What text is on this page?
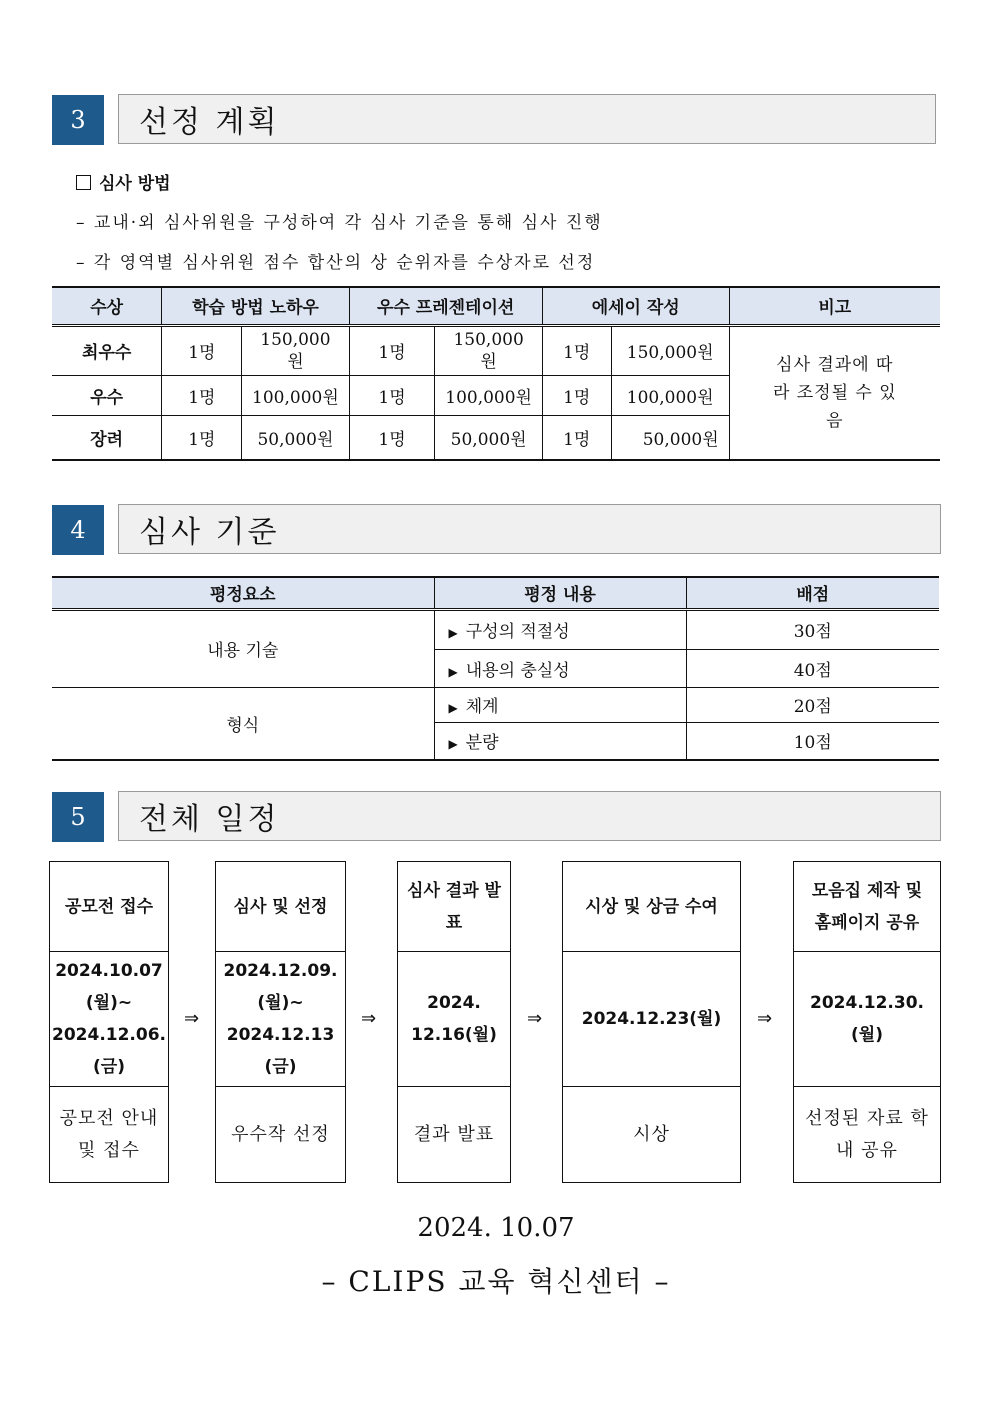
3	선정 계획
심사 방법
– 교내·외 심사위원을 구성하여 각 심사 기준을 통해 심사 진행
– 각 영역별 심사위원 점수 합산의 상 순위자를 수상자로 선정
수상	학습 방법 노하우		우수 프레젠테이션		에세이 작성		비고
최우수	1명	150,000원	1명	150,000원	1명	150,000원	심사 결과에 따라 조정될 수 있음
우수	1명	100,000원	1명	100,000원	1명	100,000원	
장려	1명	50,000원	1명	50,000원	1명	50,000원	
4	심사 기준
평정요소	평정 내용	배점
내용 기술	▶ 구성의 적절성	30점
	▶ 내용의 충실성	40점
형식	▶ 체계	20점
	▶ 분량	10점
5	전체 일정
공모전 접수
2024.10.07 (월)~ 2024.12.06. (금)
공모전 안내 및 접수
⇒
심사 및 선정
2024.12.09. (월)~ 2024.12.13 (금)
우수작 선정
⇒
심사 결과 발표
2024. 12.16(월)
결과 발표
⇒
시상 및 상금 수여
2024.12.23(월)
시상
⇒
모음집 제작 및 홈페이지 공유
2024.12.30. (월)
선정된 자료 학내 공유
2024. 10.07
– CLIPS 교육 혁신센터 –
